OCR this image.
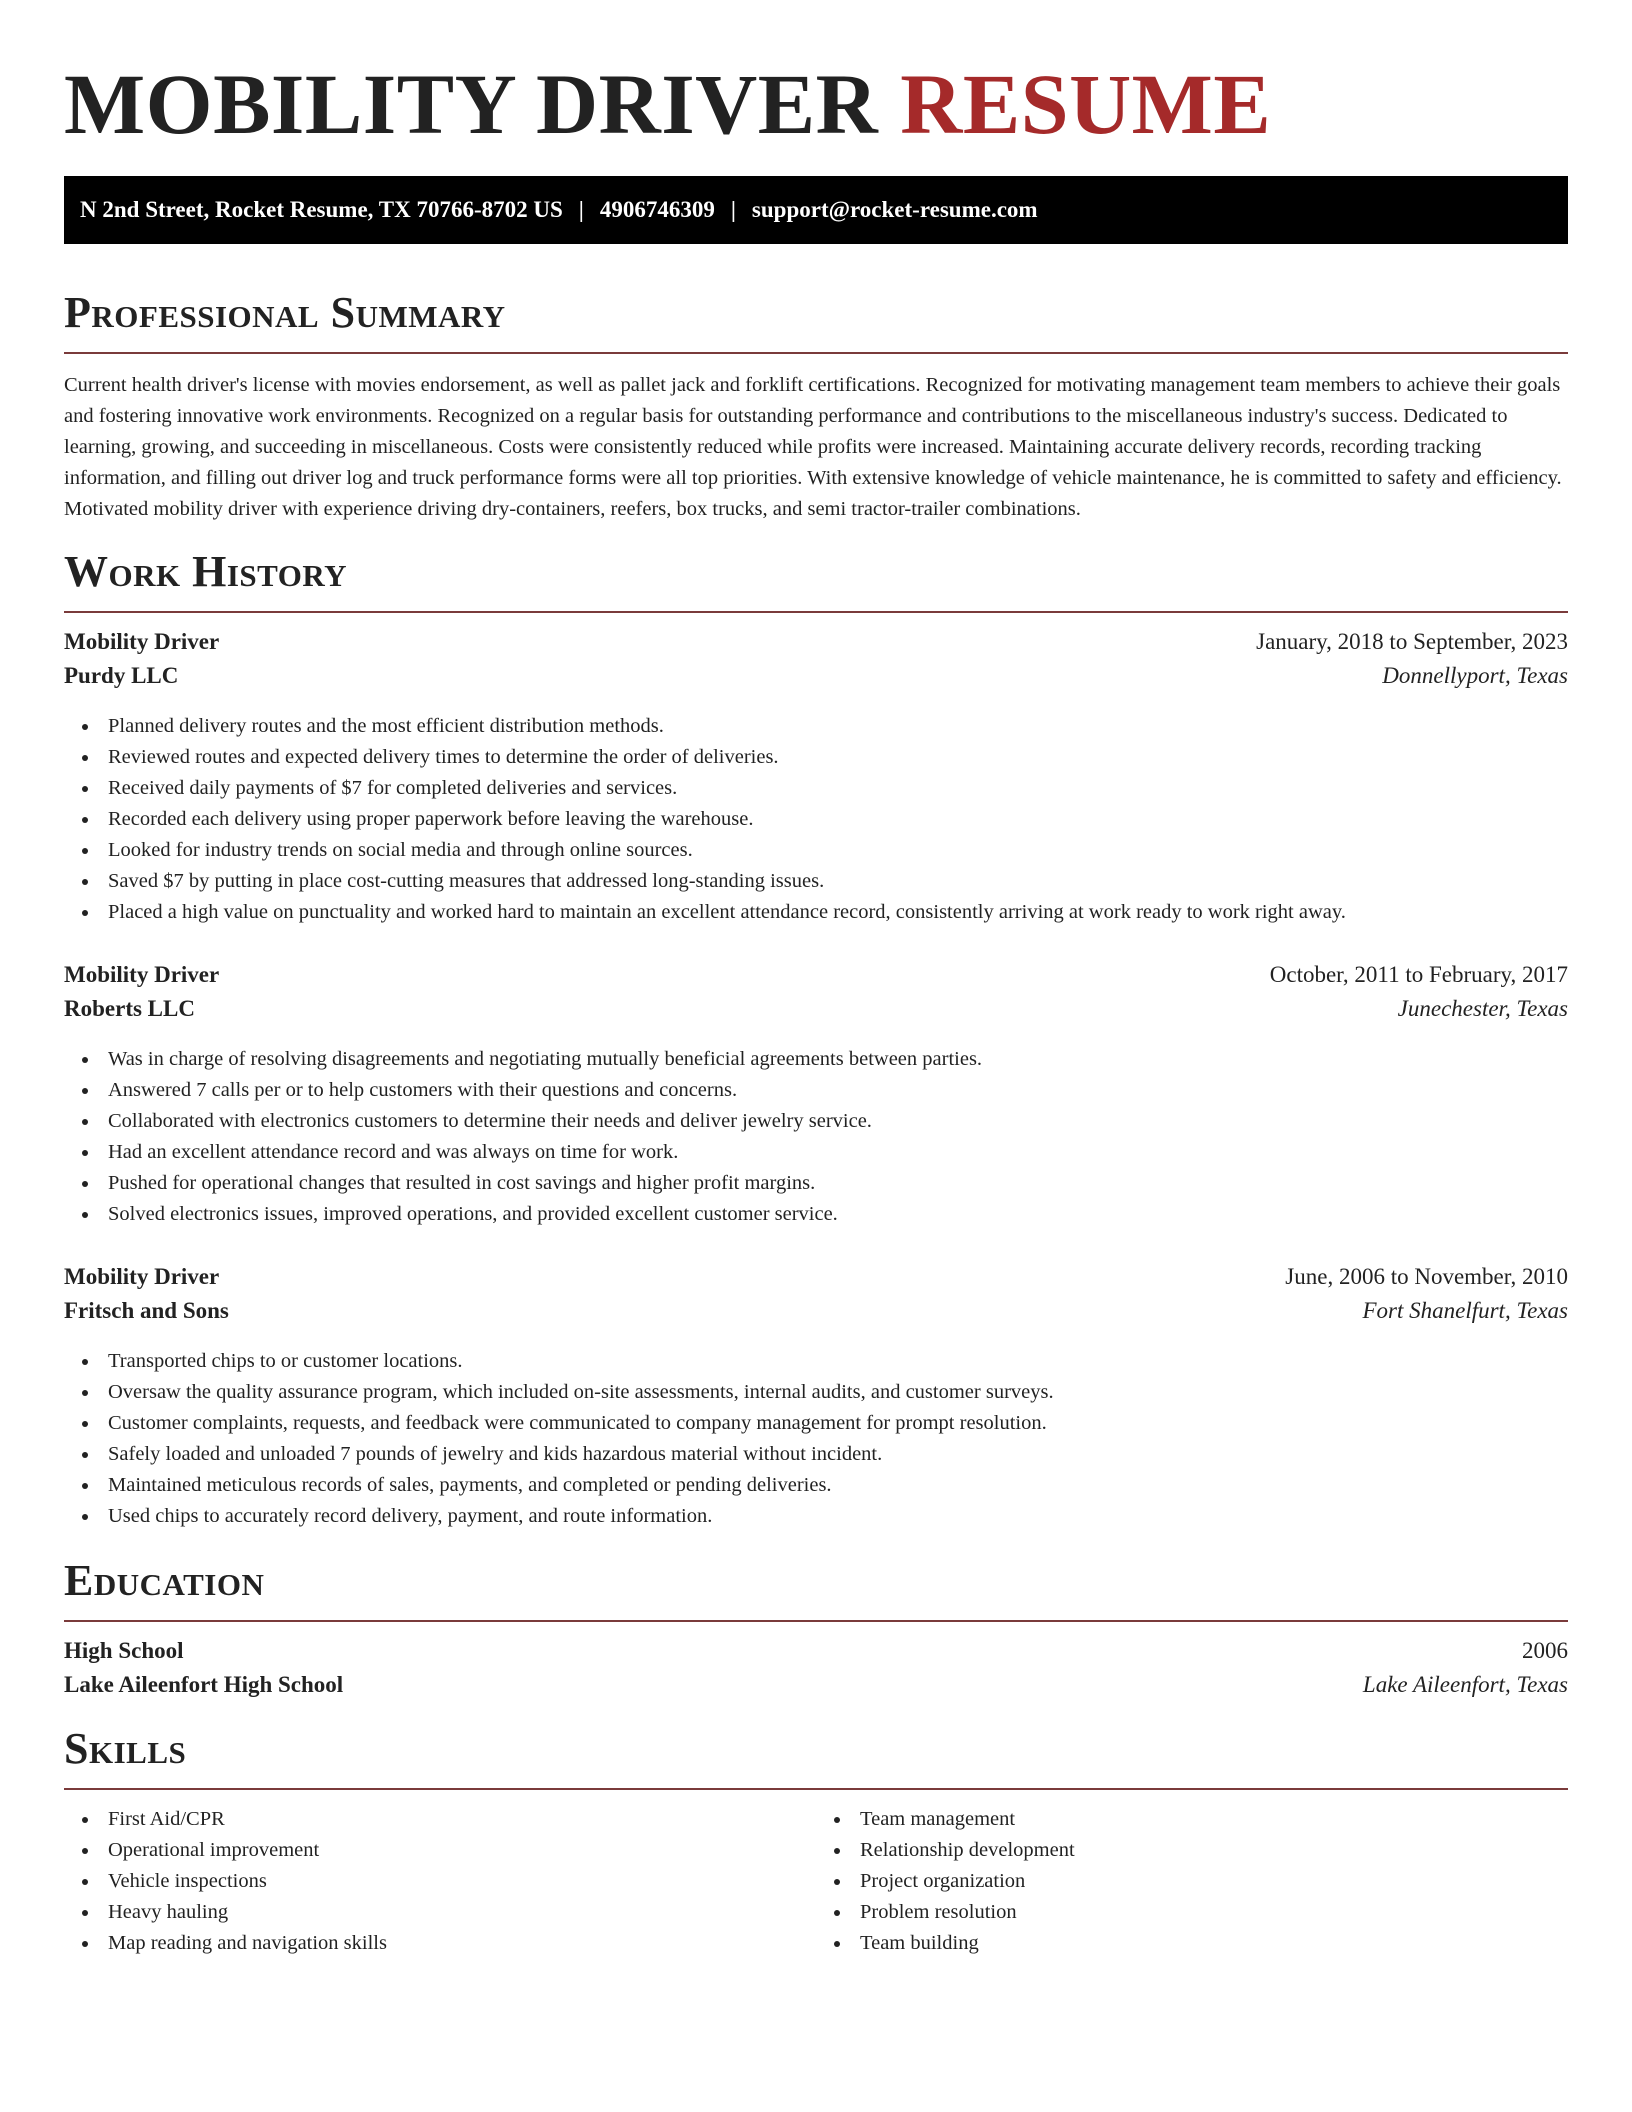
MOBILITY DRIVER RESUME
N 2nd Street, Rocket Resume, TX 70766-8702 US | 4906746309 | support@rocket-resume.com
Professional Summary

Current health driver's license with movies endorsement, as well as pallet jack and forklift certifications. Recognized for motivating management team members to achieve their goals and fostering innovative work environments. Recognized on a regular basis for outstanding performance and contributions to the miscellaneous industry's success. Dedicated to learning, growing, and succeeding in miscellaneous. Costs were consistently reduced while profits were increased. Maintaining accurate delivery records, recording tracking information, and filling out driver log and truck performance forms were all top priorities. With extensive knowledge of vehicle maintenance, he is committed to safety and efficiency. Motivated mobility driver with experience driving dry-containers, reefers, box trucks, and semi tractor-trailer combinations.

Work History
Mobility Driver	January, 2018 to September, 2023
Purdy LLC	Donnellyport, Texas
Planned delivery routes and the most efficient distribution methods.
Reviewed routes and expected delivery times to determine the order of deliveries.
Received daily payments of $7 for completed deliveries and services.
Recorded each delivery using proper paperwork before leaving the warehouse.
Looked for industry trends on social media and through online sources.
Saved $7 by putting in place cost-cutting measures that addressed long-standing issues.
Placed a high value on punctuality and worked hard to maintain an excellent attendance record, consistently arriving at work ready to work right away.
Mobility Driver	October, 2011 to February, 2017
Roberts LLC	Junechester, Texas
Was in charge of resolving disagreements and negotiating mutually beneficial agreements between parties.
Answered 7 calls per or to help customers with their questions and concerns.
Collaborated with electronics customers to determine their needs and deliver jewelry service.
Had an excellent attendance record and was always on time for work.
Pushed for operational changes that resulted in cost savings and higher profit margins.
Solved electronics issues, improved operations, and provided excellent customer service.
Mobility Driver	June, 2006 to November, 2010
Fritsch and Sons	Fort Shanelfurt, Texas
Transported chips to or customer locations.
Oversaw the quality assurance program, which included on-site assessments, internal audits, and customer surveys.
Customer complaints, requests, and feedback were communicated to company management for prompt resolution.
Safely loaded and unloaded 7 pounds of jewelry and kids hazardous material without incident.
Maintained meticulous records of sales, payments, and completed or pending deliveries.
Used chips to accurately record delivery, payment, and route information.
Education
High School	2006
Lake Aileenfort High School	Lake Aileenfort, Texas
Skills
First Aid/CPR
Operational improvement
Vehicle inspections
Heavy hauling
Map reading and navigation skills
Team management
Relationship development
Project organization
Problem resolution
Team building
